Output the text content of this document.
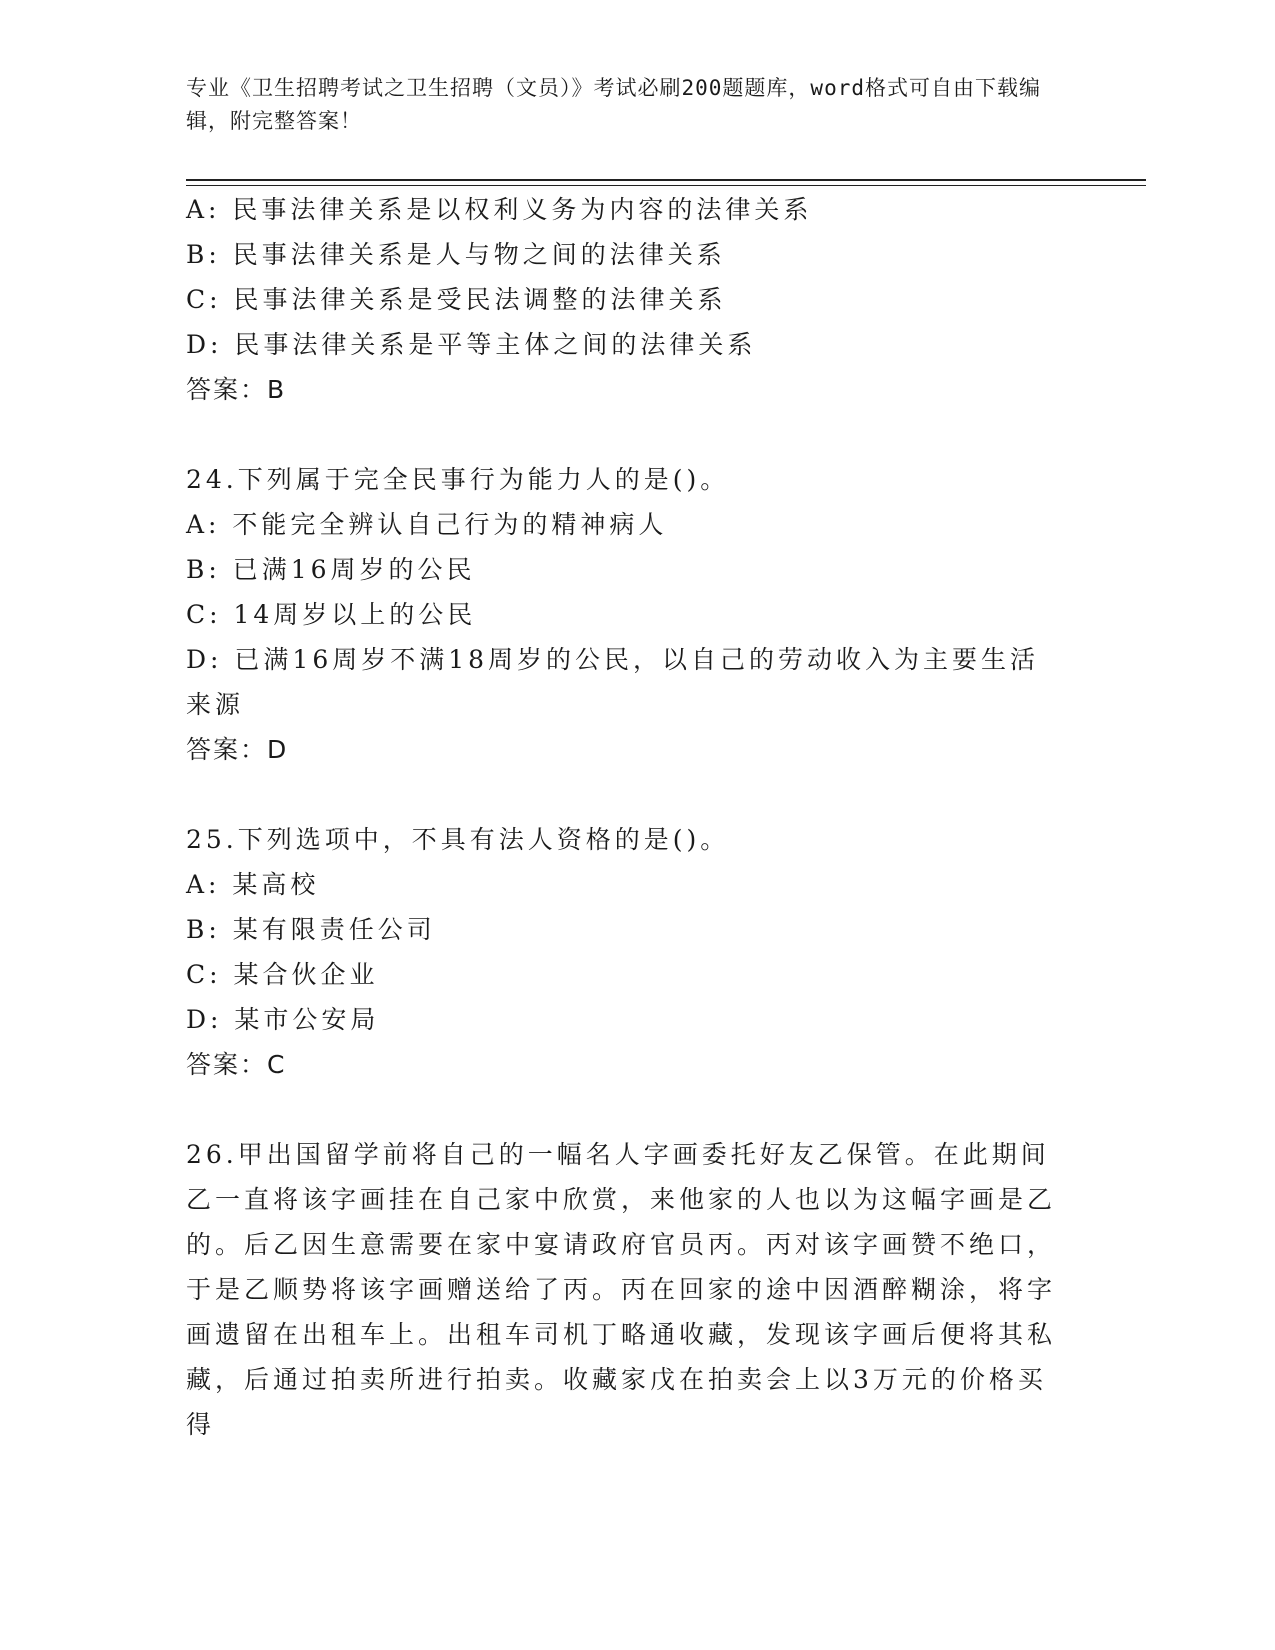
专业《卫生招聘考试之卫生招聘（文员）》考试必刷200题题库，word格式可自由下载编辑，附完整答案！
A: 民事法律关系是以权利义务为内容的法律关系
B: 民事法律关系是人与物之间的法律关系
C: 民事法律关系是受民法调整的法律关系
D: 民事法律关系是平等主体之间的法律关系
答案：B
24.下列属于完全民事行为能力人的是()。
A: 不能完全辨认自己行为的精神病人
B: 已满16周岁的公民
C: 14周岁以上的公民
D: 已满16周岁不满18周岁的公民，以自己的劳动收入为主要生活来源
答案：D
25.下列选项中，不具有法人资格的是()。
A: 某高校
B: 某有限责任公司
C: 某合伙企业
D: 某市公安局
答案：C
26.甲出国留学前将自己的一幅名人字画委托好友乙保管。在此期间乙一直将该字画挂在自己家中欣赏，来他家的人也以为这幅字画是乙的。后乙因生意需要在家中宴请政府官员丙。丙对该字画赞不绝口，于是乙顺势将该字画赠送给了丙。丙在回家的途中因酒醉糊涂，将字画遗留在出租车上。出租车司机丁略通收藏，发现该字画后便将其私藏，后通过拍卖所进行拍卖。收藏家戊在拍卖会上以3万元的价格买得
